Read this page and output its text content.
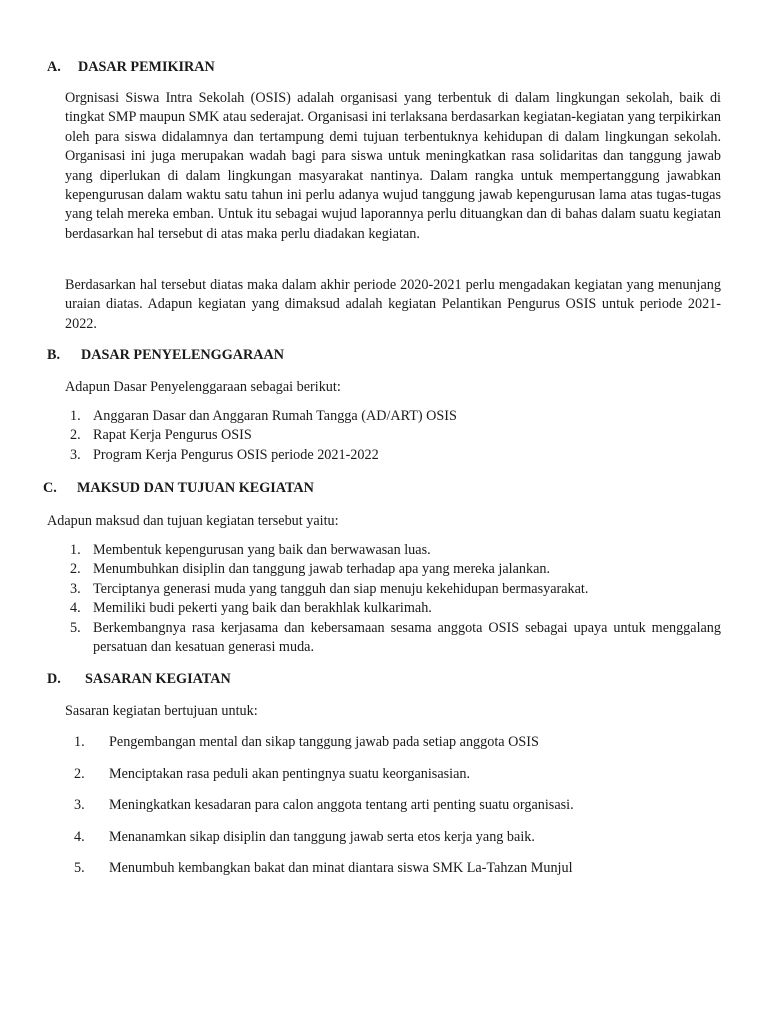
A. DASAR PEMIKIRAN

Orgnisasi Siswa Intra Sekolah (OSIS) adalah organisasi yang terbentuk di dalam lingkungan sekolah, baik di tingkat SMP maupun SMK atau sederajat. Organisasi ini terlaksana berdasarkan kegiatan-kegiatan yang terpikirkan oleh para siswa didalamnya dan tertampung demi tujuan terbentuknya kehidupan di dalam lingkungan sekolah. Organisasi ini juga merupakan wadah bagi para siswa untuk meningkatkan rasa solidaritas dan tanggung jawab yang diperlukan di dalam lingkungan masyarakat nantinya. Dalam rangka untuk mempertanggung jawabkan kepengurusan dalam waktu satu tahun ini perlu adanya wujud tanggung jawab kepengurusan lama atas tugas-tugas yang telah mereka emban. Untuk itu sebagai wujud laporannya perlu dituangkan dan di bahas dalam suatu kegiatan berdasarkan hal tersebut di atas maka perlu diadakan kegiatan.

Berdasarkan hal tersebut diatas maka dalam akhir periode 2020-2021 perlu mengadakan kegiatan yang menunjang uraian diatas. Adapun kegiatan yang dimaksud adalah kegiatan Pelantikan Pengurus OSIS untuk periode 2021-2022.

B. DASAR PENYELENGGARAAN

Adapun Dasar Penyelenggaraan sebagai berikut:

1. Anggaran Dasar dan Anggaran Rumah Tangga (AD/ART) OSIS
2. Rapat Kerja Pengurus OSIS
3. Program Kerja Pengurus OSIS periode 2021-2022
C. MAKSUD DAN TUJUAN KEGIATAN

Adapun maksud dan tujuan kegiatan tersebut yaitu:

1. Membentuk kepengurusan yang baik dan berwawasan luas.
2. Menumbuhkan disiplin dan tanggung jawab terhadap apa yang mereka jalankan.
3. Terciptanya generasi muda yang tangguh dan siap menuju kekehidupan bermasyarakat.
4. Memiliki budi pekerti yang baik dan berakhlak kulkarimah.
5. Berkembangnya rasa kerjasama dan kebersamaan sesama anggota OSIS sebagai upaya untuk menggalang persatuan dan kesatuan generasi muda.
D. SASARAN KEGIATAN

Sasaran kegiatan bertujuan untuk:

1. Pengembangan mental dan sikap tanggung jawab pada setiap anggota OSIS
2. Menciptakan rasa peduli akan pentingnya suatu keorganisasian.
3. Meningkatkan kesadaran para calon anggota tentang arti penting suatu organisasi.
4. Menanamkan sikap disiplin dan tanggung jawab serta etos kerja yang baik.
5. Menumbuh kembangkan bakat dan minat diantara siswa SMK La-Tahzan Munjul
